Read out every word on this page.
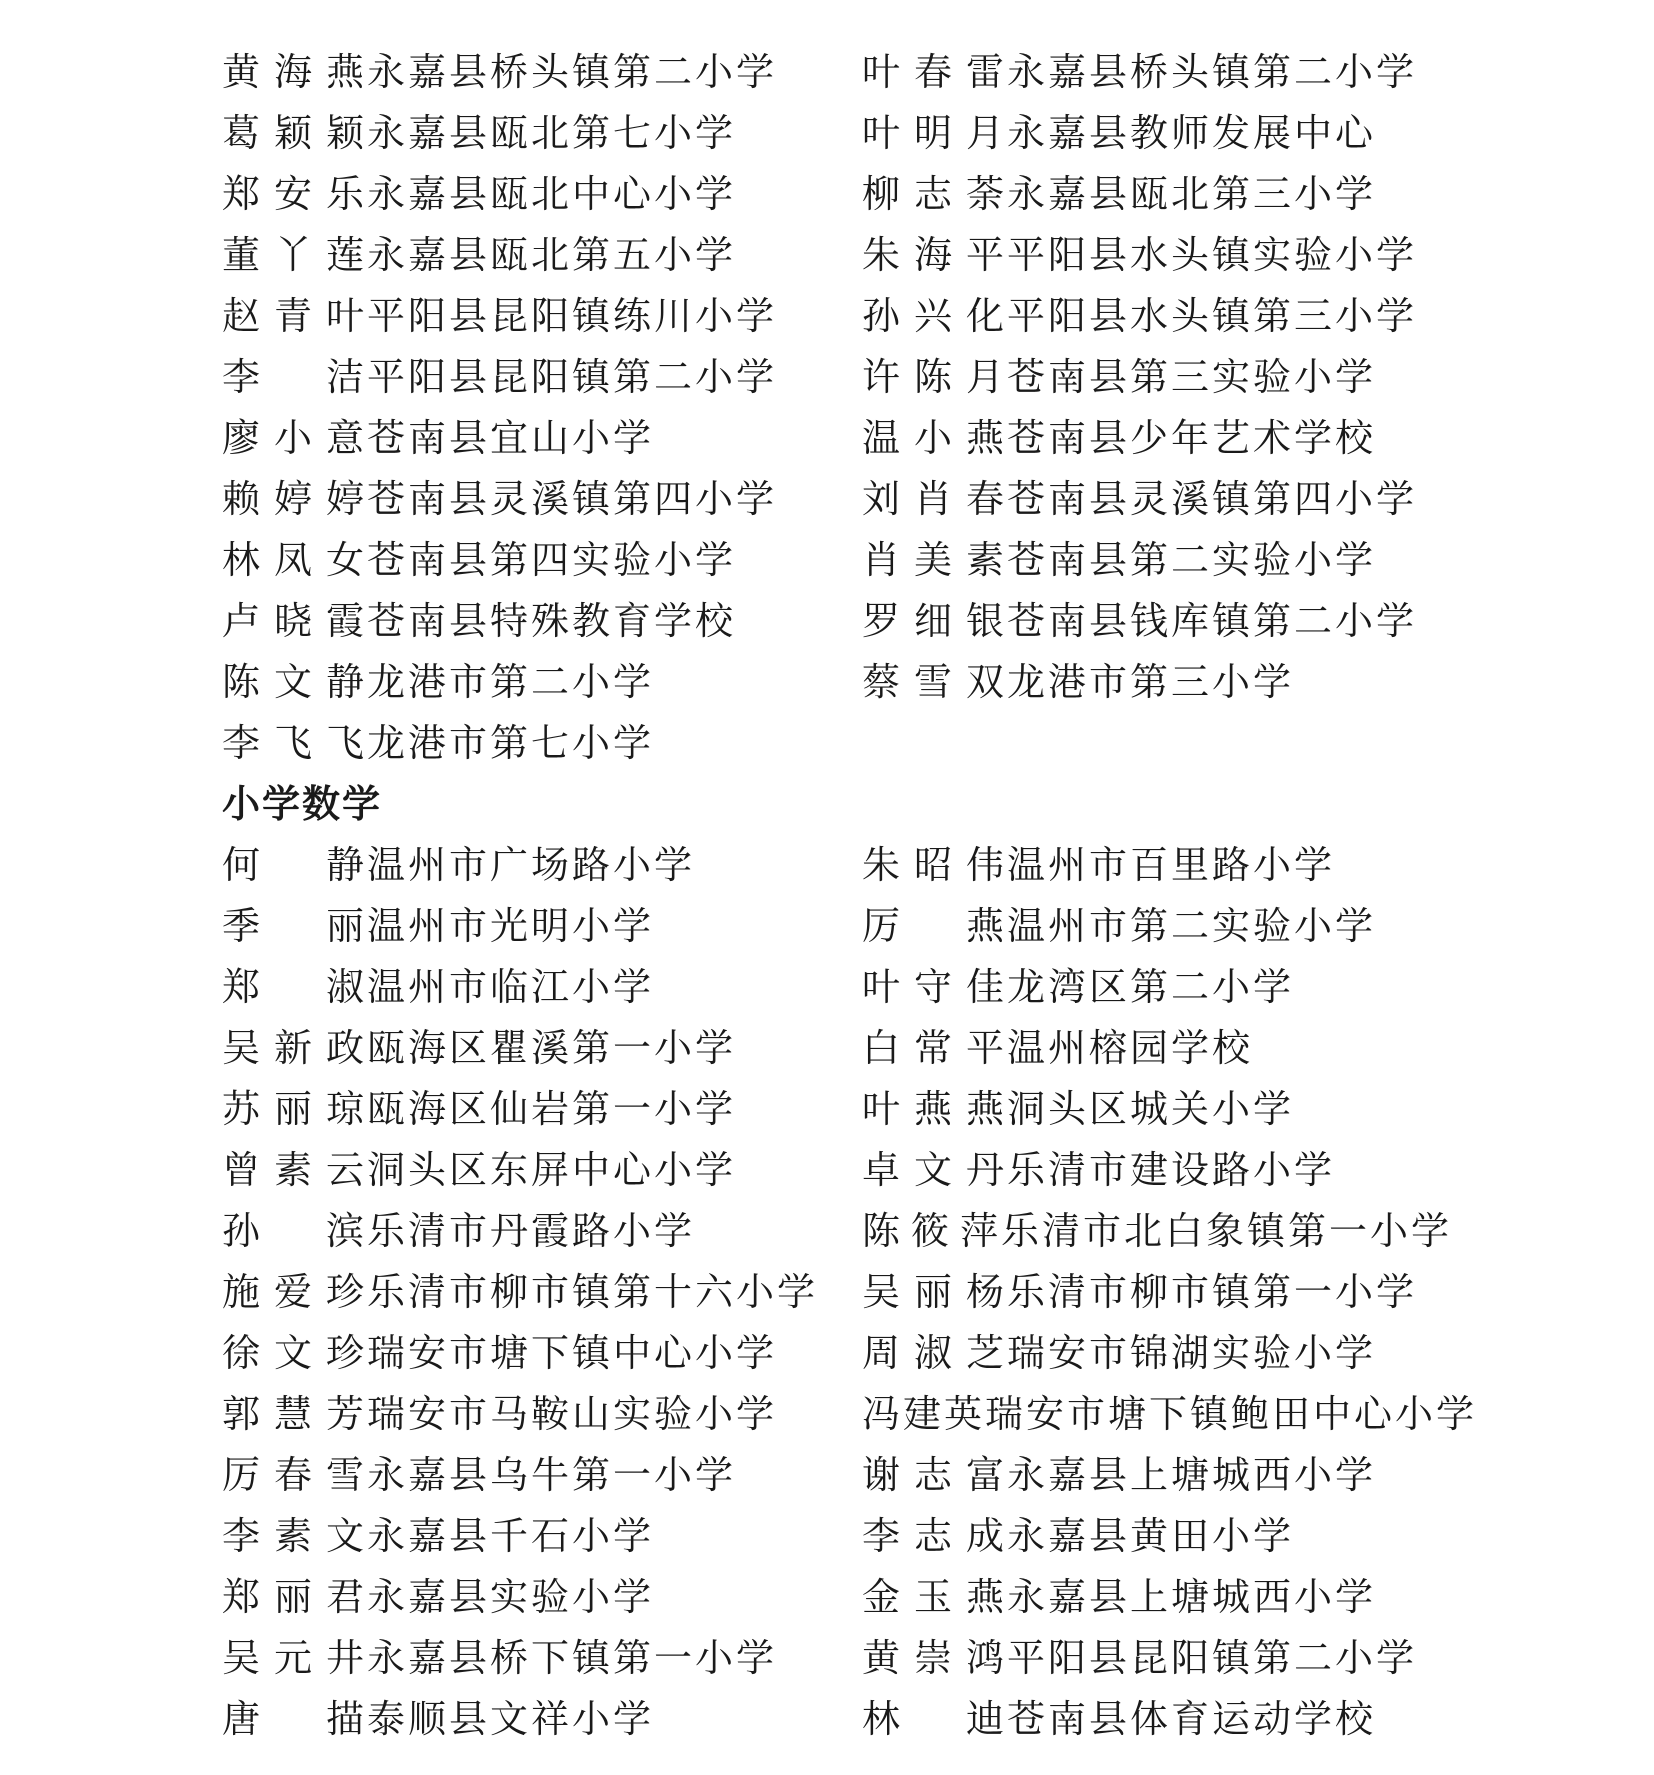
黄海燕 永嘉县桥头镇第二小学 叶春雷 永嘉县桥头镇第二小学
葛颖颖 永嘉县瓯北第七小学	叶明月 永嘉县教师发展中心
郑安乐 永嘉县瓯北中心小学	柳志荼 永嘉县瓯北第三小学
董丫莲 永嘉县瓯北第五小学	朱海平 平阳县水头镇实验小学
赵青叶 平阳县昆阳镇练川小学 孙兴化 平阳县水头镇第三小学
李 洁 平阳县昆阳镇第二小学 许陈月 苍南县第三实验小学
廖小意 苍南县宜山小学	温小燕 苍南县少年艺术学校
赖婷婷 苍南县灵溪镇第四小学 刘肖春 苍南县灵溪镇第四小学
林凤女 苍南县第四实验小学	肖美素 苍南县第二实验小学
卢晓霞 苍南县特殊教育学校	罗细银 苍南县钱库镇第二小学
陈文静 龙港市第二小学	蔡雪双 龙港市第三小学
李飞飞 龙港市第七小学
小学数学
何 静 温州市广场路小学	朱昭伟 温州市百里路小学
季 丽 温州市光明小学	厉 燕 温州市第二实验小学
郑 淑 温州市临江小学	叶守佳 龙湾区第二小学
吴新政 瓯海区瞿溪第一小学	白常平 温州榕园学校
苏丽琼 瓯海区仙岩第一小学	叶燕燕 洞头区城关小学
曾素云 洞头区东屏中心小学	卓文丹 乐清市建设路小学
孙 滨 乐清市丹霞路小学	陈筱萍 乐清市北白象镇第一小学
施爱珍 乐清市柳市镇第十六小学 吴丽杨 乐清市柳市镇第一小学
徐文珍 瑞安市塘下镇中心小学 周淑芝 瑞安市锦湖实验小学
郭慧芳 瑞安市马鞍山实验小学 冯建英 瑞安市塘下镇鲍田中心小学
厉春雪 永嘉县乌牛第一小学	谢志富 永嘉县上塘城西小学
李素文 永嘉县千石小学	李志成 永嘉县黄田小学
郑丽君 永嘉县实验小学	金玉燕 永嘉县上塘城西小学
吴元井 永嘉县桥下镇第一小学 黄崇鸿 平阳县昆阳镇第二小学
唐 描 泰顺县文祥小学	林 迪 苍南县体育运动学校
